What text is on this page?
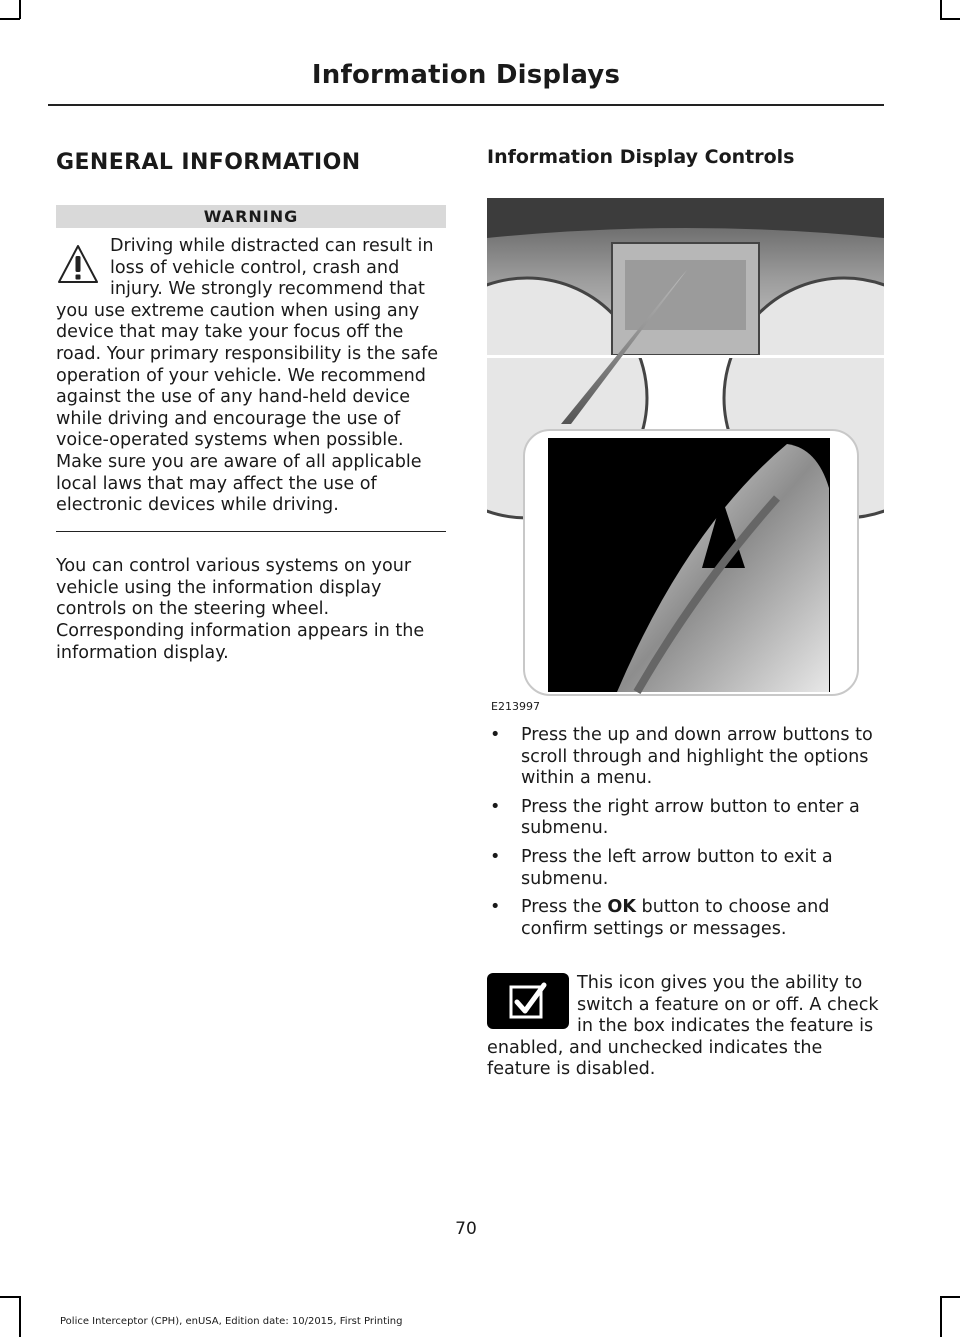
Information Displays
GENERAL INFORMATION
WARNING
Driving while distracted can result in loss of vehicle control, crash and injury. We strongly recommend that you use extreme caution when using any device that may take your focus off the road. Your primary responsibility is the safe operation of your vehicle. We recommend against the use of any hand-held device while driving and encourage the use of voice-operated systems when possible. Make sure you are aware of all applicable local laws that may affect the use of electronic devices while driving.

You can control various systems on your vehicle using the information display controls on the steering wheel. Corresponding information appears in the information display.

Information Display Controls
E213997
• Press the up and down arrow buttons to scroll through and highlight the options within a menu.
• Press the right arrow button to enter a submenu.
• Press the left arrow button to exit a submenu.
• Press the OK button to choose and confirm settings or messages.
This icon gives you the ability to switch a feature on or off. A check in the box indicates the feature is enabled, and unchecked indicates the feature is disabled.
70
Police Interceptor (CPH), enUSA, Edition date: 10/2015, First Printing
